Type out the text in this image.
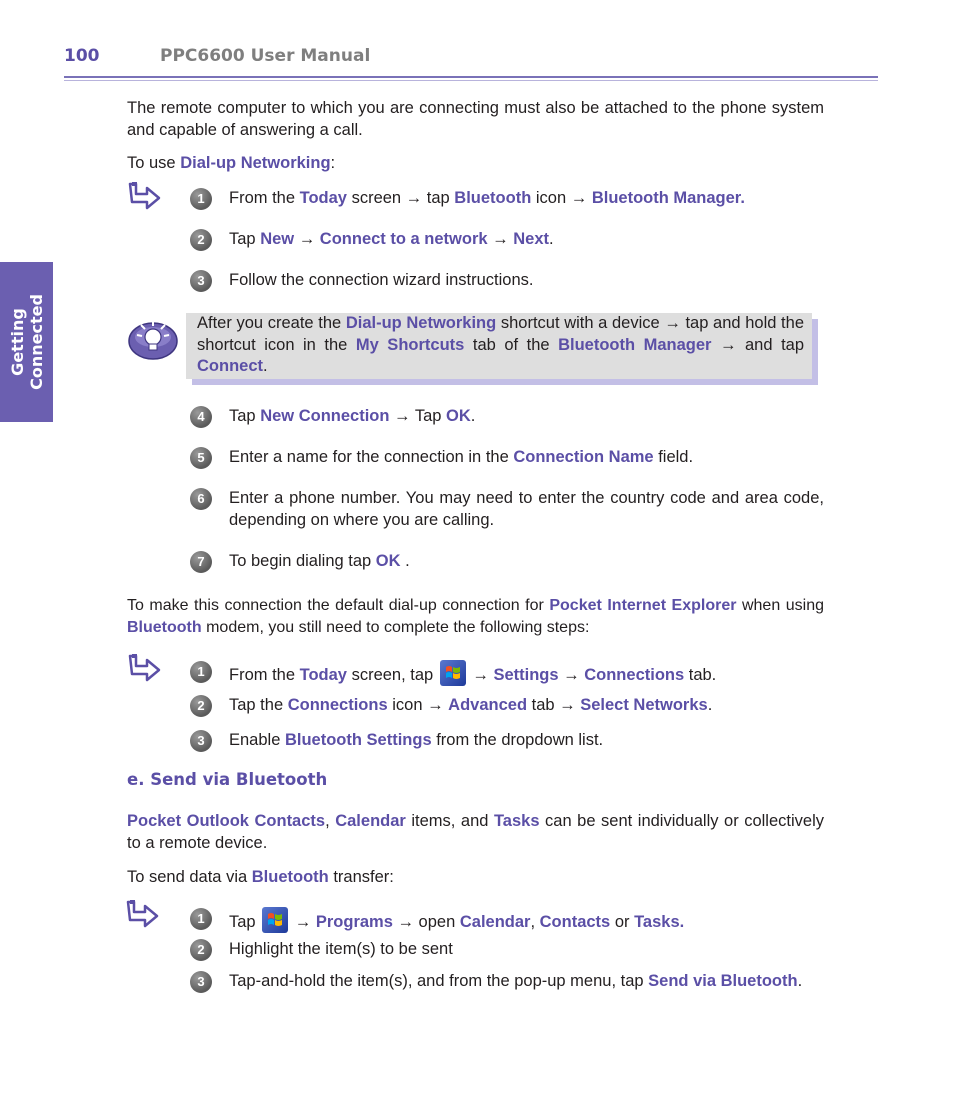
100	PPC6600 User Manual
Getting
Connected
The remote computer to which you are connecting must also be attached to the phone system and capable of answering a call.
To use Dial-up Networking:
1	From the Today screen → tap Bluetooth icon → Bluetooth Manager.
2	Tap New → Connect to a network → Next.
3	Follow the connection wizard instructions.
After you create the Dial-up Networking shortcut with a device → tap and hold the shortcut icon in the My Shortcuts tab of the Bluetooth Manager → and tap Connect.
4	Tap New Connection → Tap OK.
5	Enter a name for the connection in the Connection Name field.
6	Enter a phone number. You may need to enter the country code and area code, depending on where you are calling.
7	To begin dialing tap OK .
To make this connection the default dial-up connection for Pocket Internet Explorer when using Bluetooth modem, you still need to complete the following steps:
1	From the Today screen, tap  → Settings → Connections tab.
2	Tap the Connections icon → Advanced tab → Select Networks.
3	Enable Bluetooth Settings from the dropdown list.
e. Send via Bluetooth
Pocket Outlook Contacts, Calendar items, and Tasks can be sent individually or collectively to a remote device.
To send data via Bluetooth transfer:
1	Tap  → Programs → open Calendar, Contacts or Tasks.
2	Highlight the item(s) to be sent
3	Tap-and-hold the item(s), and from the pop-up menu, tap Send via Bluetooth.
